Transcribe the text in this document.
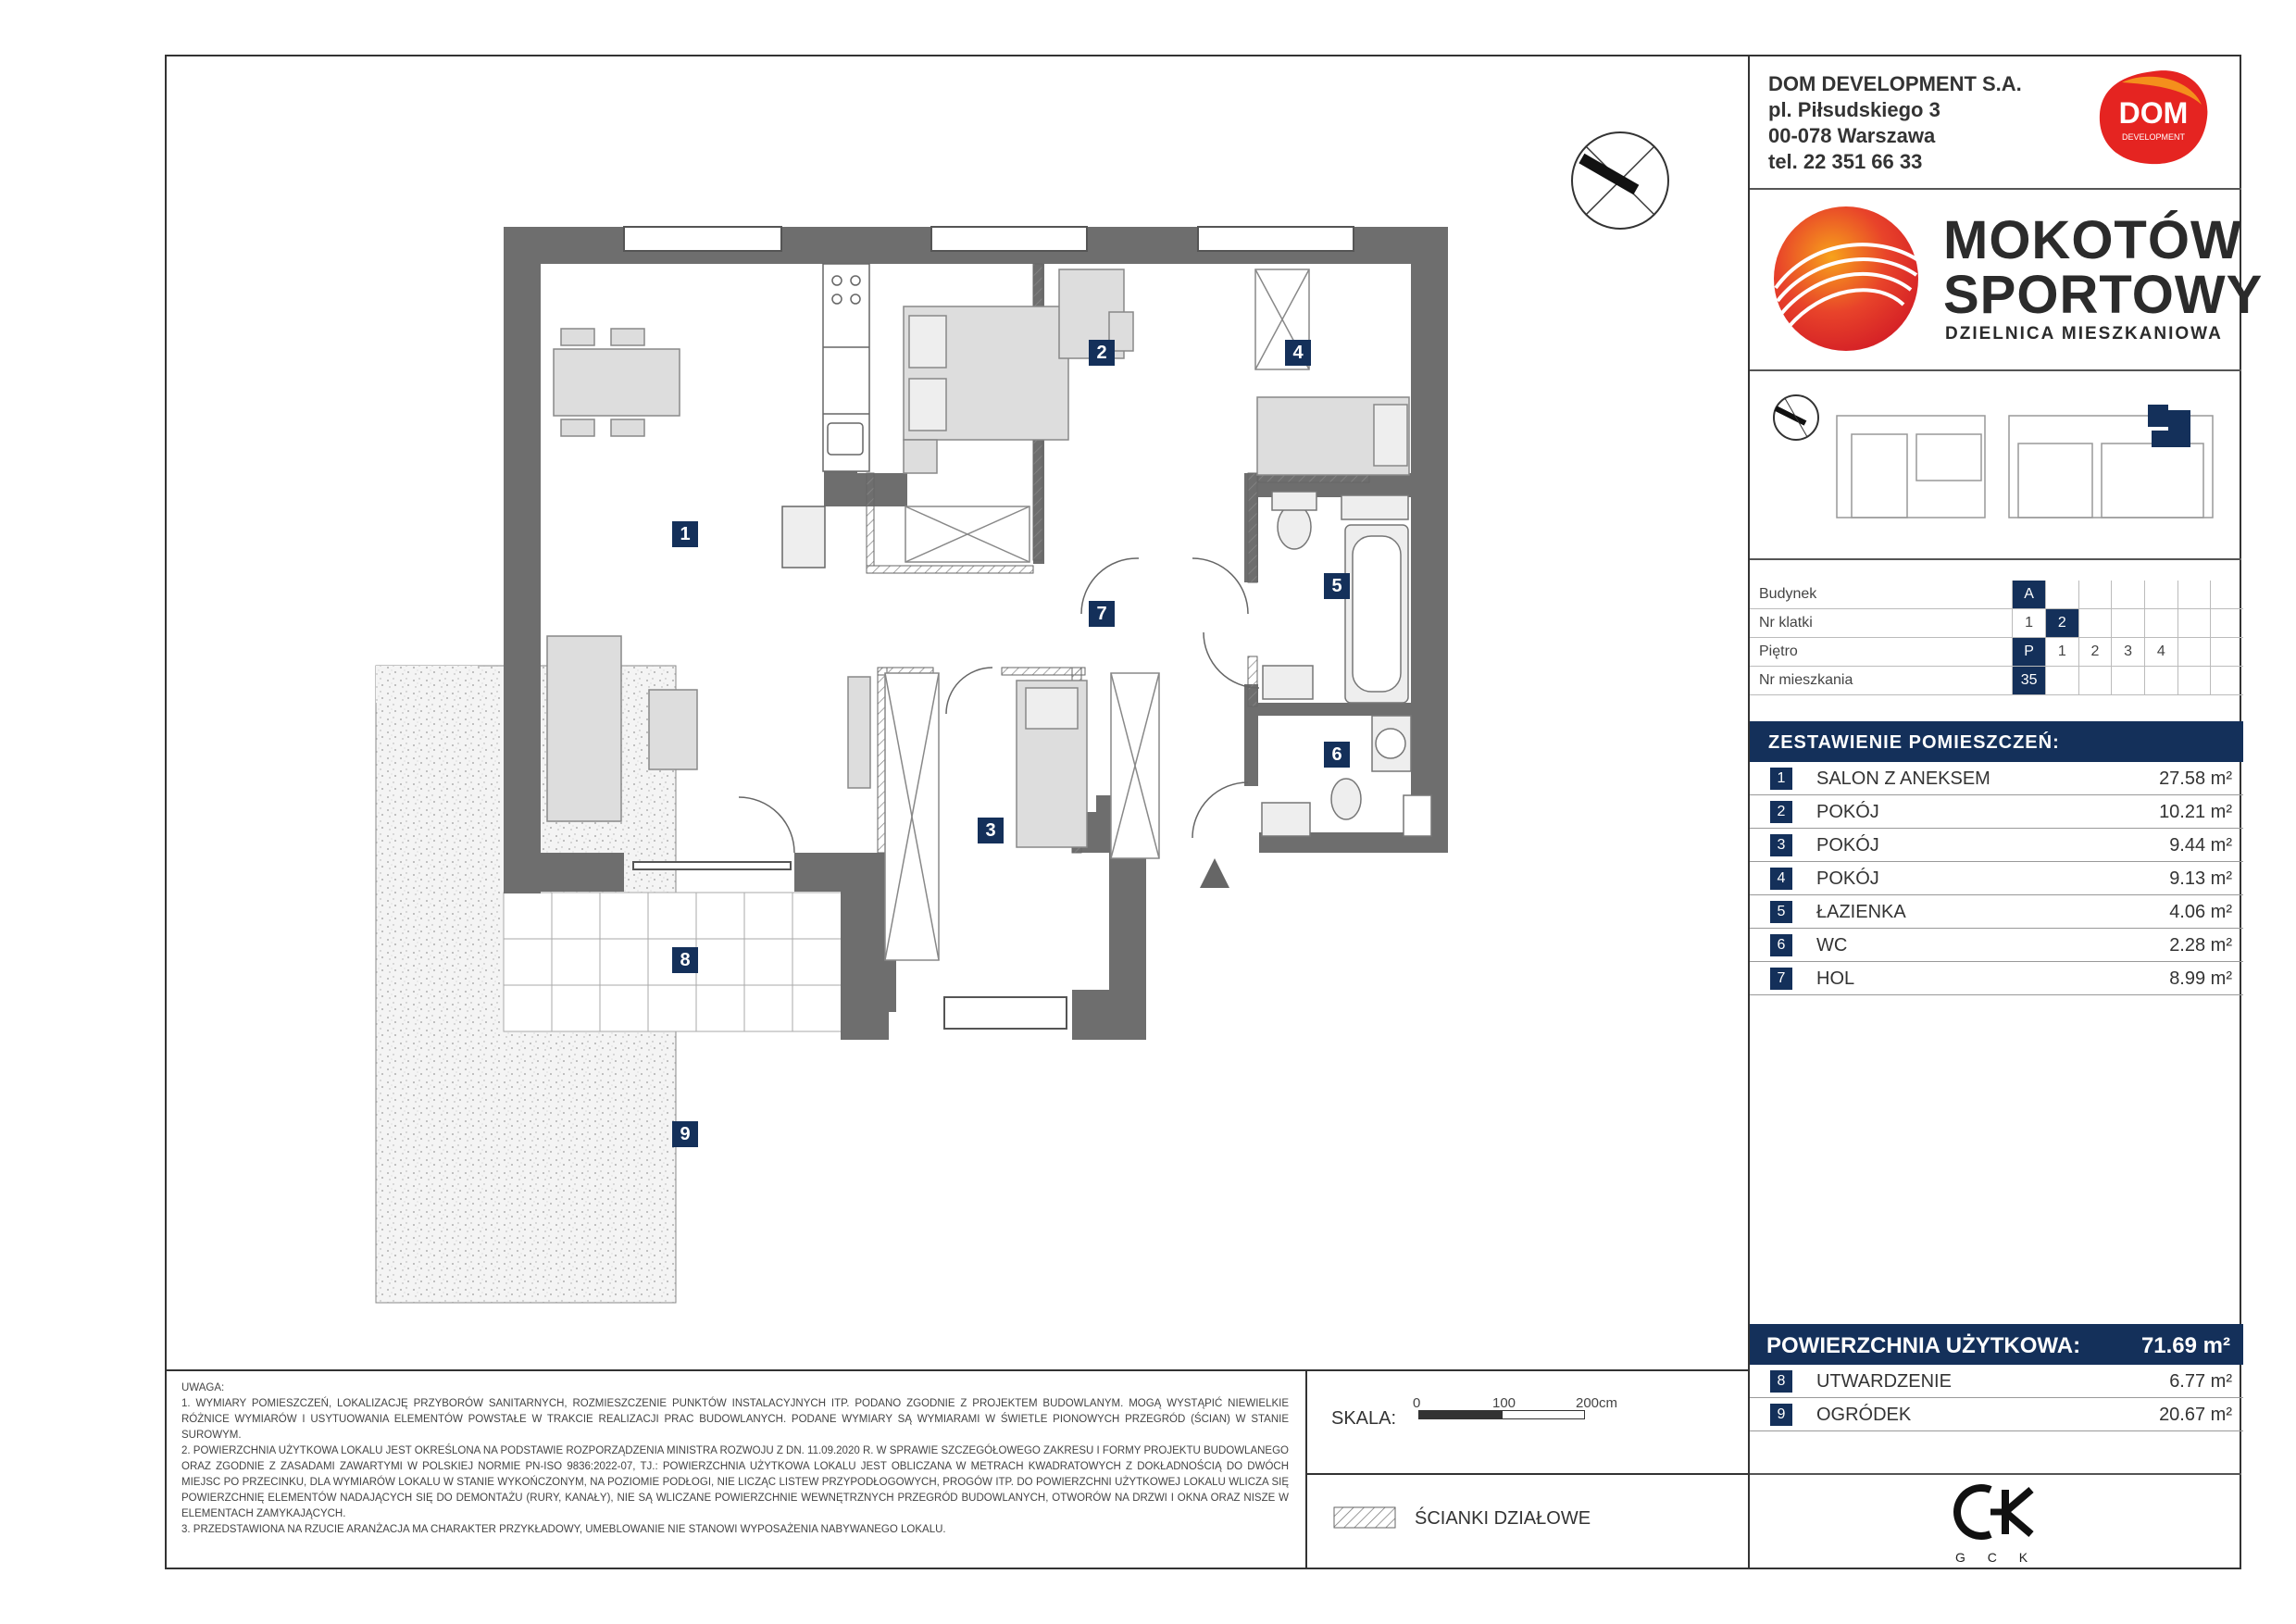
1
2
3
4
5
6
7
8
9

UWAGA:

1. WYMIARY POMIESZCZEŃ, LOKALIZACJĘ PRZYBORÓW SANITARNYCH, ROZMIESZCZENIE PUNKTÓW INSTALACYJNYCH ITP. PODANO ZGODNIE Z PROJEKTEM BUDOWLANYM. MOGĄ WYSTĄPIĆ NIEWIELKIE RÓŻNICE WYMIARÓW I USYTUOWANIA ELEMENTÓW POWSTAŁE W TRAKCIE REALIZACJI PRAC BUDOWLANYCH. PODANE WYMIARY SĄ WYMIARAMI W ŚWIETLE PIONOWYCH PRZEGRÓD (ŚCIAN) W STANIE SUROWYM.

2. POWIERZCHNIA UŻYTKOWA LOKALU JEST OKREŚLONA NA PODSTAWIE ROZPORZĄDZENIA MINISTRA ROZWOJU Z DN. 11.09.2020 R. W SPRAWIE SZCZEGÓŁOWEGO ZAKRESU I FORMY PROJEKTU BUDOWLANEGO ORAZ ZGODNIE Z ZASADAMI ZAWARTYMI W POLSKIEJ NORMIE PN-ISO 9836:2022-07, TJ.: POWIERZCHNIA UŻYTKOWA LOKALU JEST OBLICZANA W METRACH KWADRATOWYCH Z DOKŁADNOŚCIĄ DO DWÓCH MIEJSC PO PRZECINKU, DLA WYMIARÓW LOKALU W STANIE WYKOŃCZONYM, NA POZIOMIE PODŁOGI, NIE LICZĄC LISTEW PRZYPODŁOGOWYCH, PROGÓW ITP. DO POWIERZCHNI UŻYTKOWEJ LOKALU WLICZA SIĘ POWIERZCHNIĘ ELEMENTÓW NADAJĄCYCH SIĘ DO DEMONTAŻU (RURY, KANAŁY), NIE SĄ WLICZANE POWIERZCHNIE WEWNĘTRZNYCH PRZEGRÓD BUDOWLANYCH, OTWORÓW NA DRZWI I OKNA ORAZ NISZE W ELEMENTACH ZAMYKAJĄCYCH.

3. PRZEDSTAWIONA NA RZUCIE ARANŻACJA MA CHARAKTER PRZYKŁADOWY, UMEBLOWANIE NIE STANOWI WYPOSAŻENIA NABYWANEGO LOKALU.

SKALA:
0	100	200cm
ŚCIANKI DZIAŁOWE
DOM DEVELOPMENT S.A.
pl. Piłsudskiego 3
00-078 Warszawa
tel. 22 351 66 33
DOM
DEVELOPMENT
MOKOTÓW
SPORTOWY
DZIELNICA MIESZKANIOWA
Budynek	A						
Nr klatki	1	2					
Piętro	P	1	2	3	4		
Nr mieszkania	35						
ZESTAWIENIE POMIESZCZEŃ:
1	SALON Z ANEKSEM	27.58 m²
2	POKÓJ	10.21 m²
3	POKÓJ	9.44 m²
4	POKÓJ	9.13 m²
5	ŁAZIENKA	4.06 m²
6	WC	2.28 m²
7	HOL	8.99 m²
POWIERZCHNIA UŻYTKOWA:	71.69 m²
8	UTWARDZENIE	6.77 m²
9	OGRÓDEK	20.67 m²
G C K
